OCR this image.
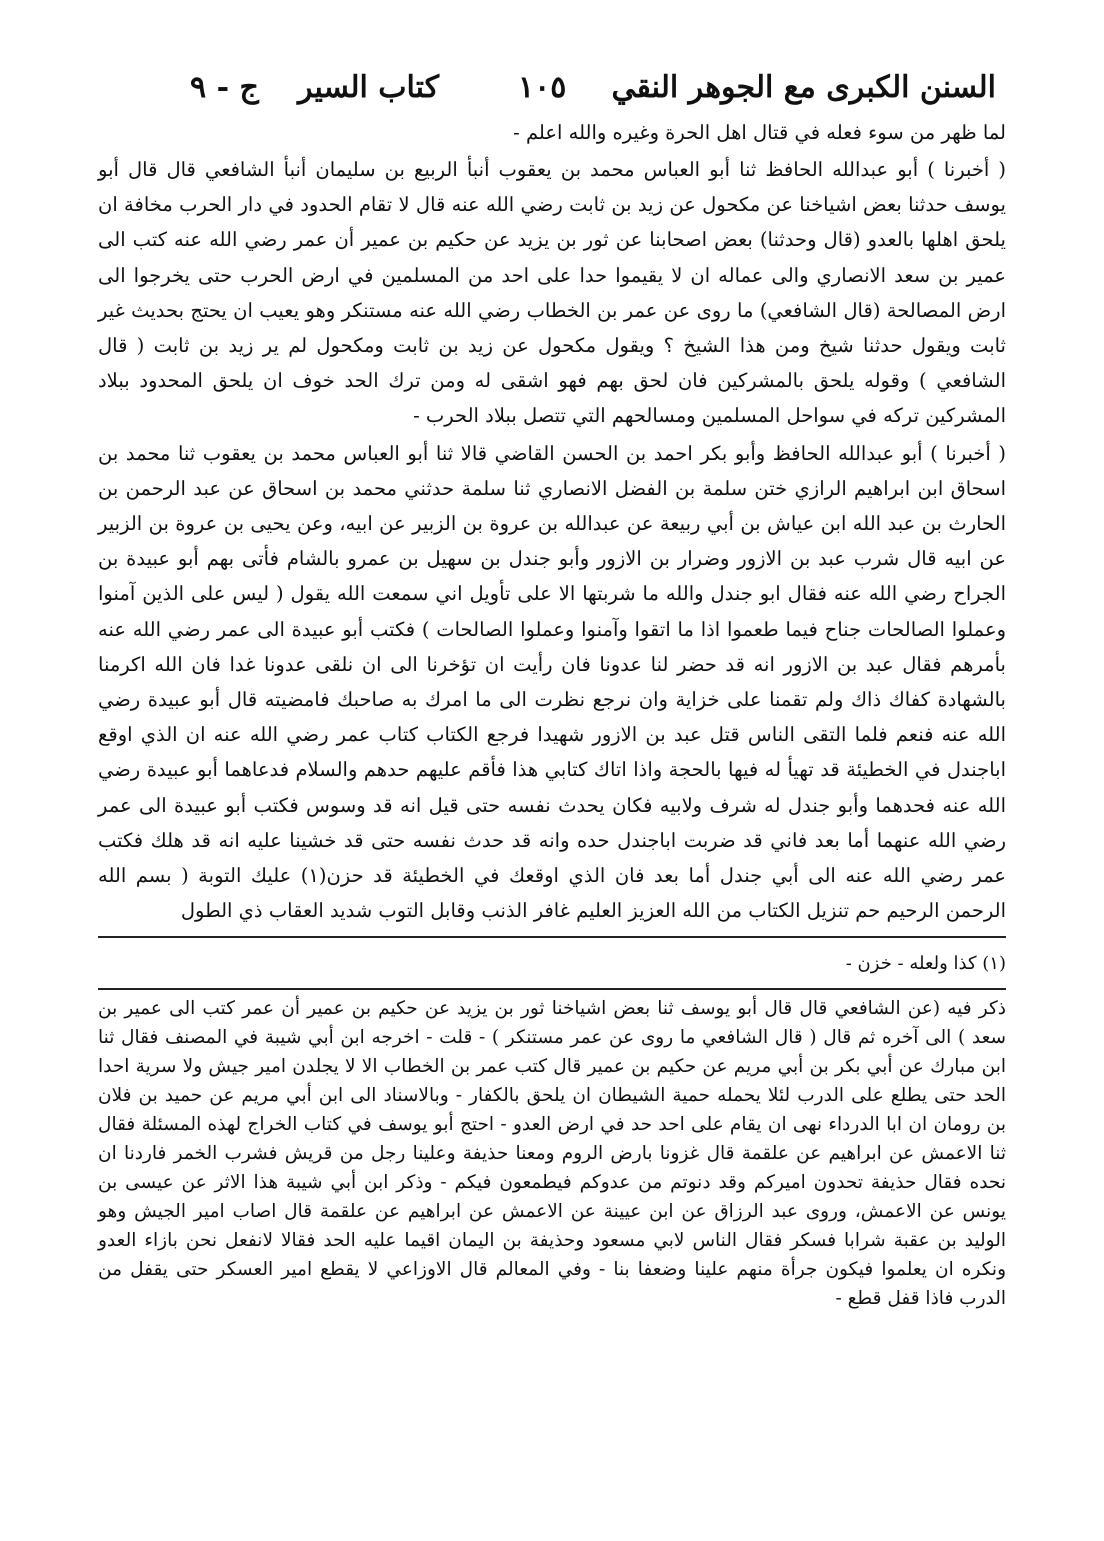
السنن الكبرى مع الجوهر النقي
١٠٥
كتاب السير
ج - ٩

لما ظهر من سوء فعله في قتال اهل الحرة وغيره والله اعلم -

( أخبرنا ) أبو عبدالله الحافظ ثنا أبو العباس محمد بن يعقوب أنبأ الربيع بن سليمان أنبأ الشافعي قال قال أبو يوسف حدثنا بعض اشياخنا عن مكحول عن زيد بن ثابت رضي الله عنه قال لا تقام الحدود في دار الحرب مخافة ان يلحق اهلها بالعدو (قال وحدثنا) بعض اصحابنا عن ثور بن يزيد عن حكيم بن عمير أن عمر رضي الله عنه كتب الى عمير بن سعد الانصاري والى عماله ان لا يقيموا حدا على احد من المسلمين في ارض الحرب حتى يخرجوا الى ارض المصالحة (قال الشافعي) ما روى عن عمر بن الخطاب رضي الله عنه مستنكر وهو يعيب ان يحتج بحديث غير ثابت ويقول حدثنا شيخ ومن هذا الشيخ ؟ ويقول مكحول عن زيد بن ثابت ومكحول لم ير زيد بن ثابت ( قال الشافعي ) وقوله يلحق بالمشركين فان لحق بهم فهو اشقى له ومن ترك الحد خوف ان يلحق المحدود ببلاد المشركين تركه في سواحل المسلمين ومسالحهم التي تتصل ببلاد الحرب -

( أخبرنا ) أبو عبدالله الحافظ وأبو بكر احمد بن الحسن القاضي قالا ثنا أبو العباس محمد بن يعقوب ثنا محمد بن اسحاق ابن ابراهيم الرازي ختن سلمة بن الفضل الانصاري ثنا سلمة حدثني محمد بن اسحاق عن عبد الرحمن بن الحارث بن عبد الله ابن عياش بن أبي ربيعة عن عبدالله بن عروة بن الزبير عن ابيه، وعن يحيى بن عروة بن الزبير عن ابيه قال شرب عبد بن الازور وضرار بن الازور وأبو جندل بن سهيل بن عمرو بالشام فأتى بهم أبو عبيدة بن الجراح رضي الله عنه فقال ابو جندل والله ما شربتها الا على تأويل اني سمعت الله يقول ( ليس على الذين آمنوا وعملوا الصالحات جناح فيما طعموا اذا ما اتقوا وآمنوا وعملوا الصالحات ) فكتب أبو عبيدة الى عمر رضي الله عنه بأمرهم فقال عبد بن الازور انه قد حضر لنا عدونا فان رأيت ان تؤخرنا الى ان نلقى عدونا غدا فان الله اكرمنا بالشهادة كفاك ذاك ولم تقمنا على خزاية وان نرجع نظرت الى ما امرك به صاحبك فامضيته قال أبو عبيدة رضي الله عنه فنعم فلما التقى الناس قتل عبد بن الازور شهيدا فرجع الكتاب كتاب عمر رضي الله عنه ان الذي اوقع اباجندل في الخطيئة قد تهيأ له فيها بالحجة واذا اتاك كتابي هذا فأقم عليهم حدهم والسلام فدعاهما أبو عبيدة رضي الله عنه فحدهما وأبو جندل له شرف ولابيه فكان يحدث نفسه حتى قيل انه قد وسوس فكتب أبو عبيدة الى عمر رضي الله عنهما أما بعد فاني قد ضربت اباجندل حده وانه قد حدث نفسه حتى قد خشينا عليه انه قد هلك فكتب عمر رضي الله عنه الى أبي جندل أما بعد فان الذي اوقعك في الخطيئة قد حزن(١) عليك التوبة ( بسم الله الرحمن الرحيم حم تنزيل الكتاب من الله العزيز العليم غافر الذنب وقابل التوب شديد العقاب ذي الطول

(١) كذا ولعله - خزن -

ذكر فيه (عن الشافعي قال قال أبو يوسف ثنا بعض اشياخنا ثور بن يزيد عن حكيم بن عمير أن عمر كتب الى عمير بن سعد ) الى آخره ثم قال ( قال الشافعي ما روى عن عمر مستنكر ) - قلت - اخرجه ابن أبي شيبة في المصنف فقال ثنا ابن مبارك عن أبي بكر بن أبي مريم عن حكيم بن عمير قال كتب عمر بن الخطاب الا لا يجلدن امير جيش ولا سرية احدا الحد حتى يطلع على الدرب لئلا يحمله حمية الشيطان ان يلحق بالكفار - وبالاسناد الى ابن أبي مريم عن حميد بن فلان بن رومان ان ابا الدرداء نهى ان يقام على احد حد في ارض العدو - احتج أبو يوسف في كتاب الخراج لهذه المسئلة فقال ثنا الاعمش عن ابراهيم عن علقمة قال غزونا بارض الروم ومعنا حذيفة وعلينا رجل من قريش فشرب الخمر فاردنا ان نحده فقال حذيفة تحدون اميركم وقد دنوتم من عدوكم فيطمعون فيكم - وذكر ابن أبي شيبة هذا الاثر عن عيسى بن يونس عن الاعمش، وروى عبد الرزاق عن ابن عيينة عن الاعمش عن ابراهيم عن علقمة قال اصاب امير الجيش وهو الوليد بن عقبة شرابا فسكر فقال الناس لابي مسعود وحذيفة بن اليمان اقيما عليه الحد فقالا لانفعل نحن بازاء العدو ونكره ان يعلموا فيكون جرأة منهم علينا وضعفا بنا - وفي المعالم قال الاوزاعي لا يقطع امير العسكر حتى يقفل من الدرب فاذا قفل قطع -
